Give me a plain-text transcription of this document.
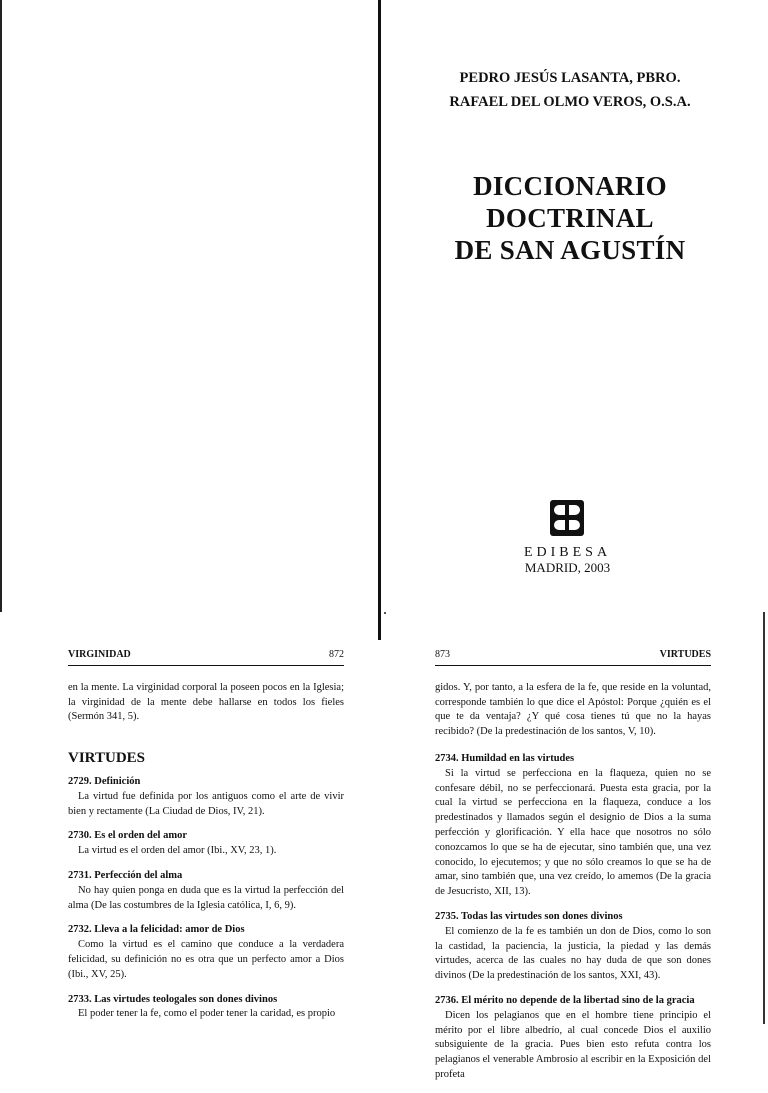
PEDRO JESÚS LASANTA, PBRO.
RAFAEL DEL OLMO VEROS, O.S.A.
DICCIONARIO
DOCTRINAL
DE SAN AGUSTÍN
EDIBESA
MADRID, 2003
VIRGINIDAD	872

en la mente. La virginidad corporal la poseen pocos en la Iglesia; la virginidad de la mente debe hallarse en todos los fieles (Sermón 341, 5).

VIRTUDES
2729. Definición

La virtud fue definida por los antiguos como el arte de vivir bien y rectamente (La Ciudad de Dios, IV, 21).

2730. Es el orden del amor

La virtud es el orden del amor (Ibi., XV, 23, 1).

2731. Perfección del alma

No hay quien ponga en duda que es la virtud la perfección del alma (De las costumbres de la Iglesia católica, I, 6, 9).

2732. Lleva a la felicidad: amor de Dios

Como la virtud es el camino que conduce a la verdadera felicidad, su definición no es otra que un perfecto amor a Dios (Ibi., XV, 25).

2733. Las virtudes teologales son dones divinos

El poder tener la fe, como el poder tener la caridad, es propio

873	VIRTUDES

gidos. Y, por tanto, a la esfera de la fe, que reside en la voluntad, corresponde también lo que dice el Apóstol: Porque ¿quién es el que te da ventaja? ¿Y qué cosa tienes tú que no la hayas recibido? (De la predestinación de los santos, V, 10).

2734. Humildad en las virtudes

Si la virtud se perfecciona en la flaqueza, quien no se confesare débil, no se perfeccionará. Puesta esta gracia, por la cual la virtud se perfecciona en la flaqueza, conduce a los predestinados y llamados según el designio de Dios a la suma perfección y glorificación. Y ella hace que nosotros no sólo conozcamos lo que se ha de ejecutar, sino también que, una vez conocido, lo ejecutemos; y que no sólo creamos lo que se ha de amar, sino también que, una vez creído, lo amemos (De la gracia de Jesucristo, XII, 13).

2735. Todas las virtudes son dones divinos

El comienzo de la fe es también un don de Dios, como lo son la castidad, la paciencia, la justicia, la piedad y las demás virtudes, acerca de las cuales no hay duda de que son dones divinos (De la predestinación de los santos, XXI, 43).

2736. El mérito no depende de la libertad sino de la gracia

Dicen los pelagianos que en el hombre tiene principio el mérito por el libre albedrío, al cual concede Dios el auxilio subsiguiente de la gracia. Pues bien esto refuta contra los pelagianos el venerable Ambrosio al escribir en la Exposición del profeta
